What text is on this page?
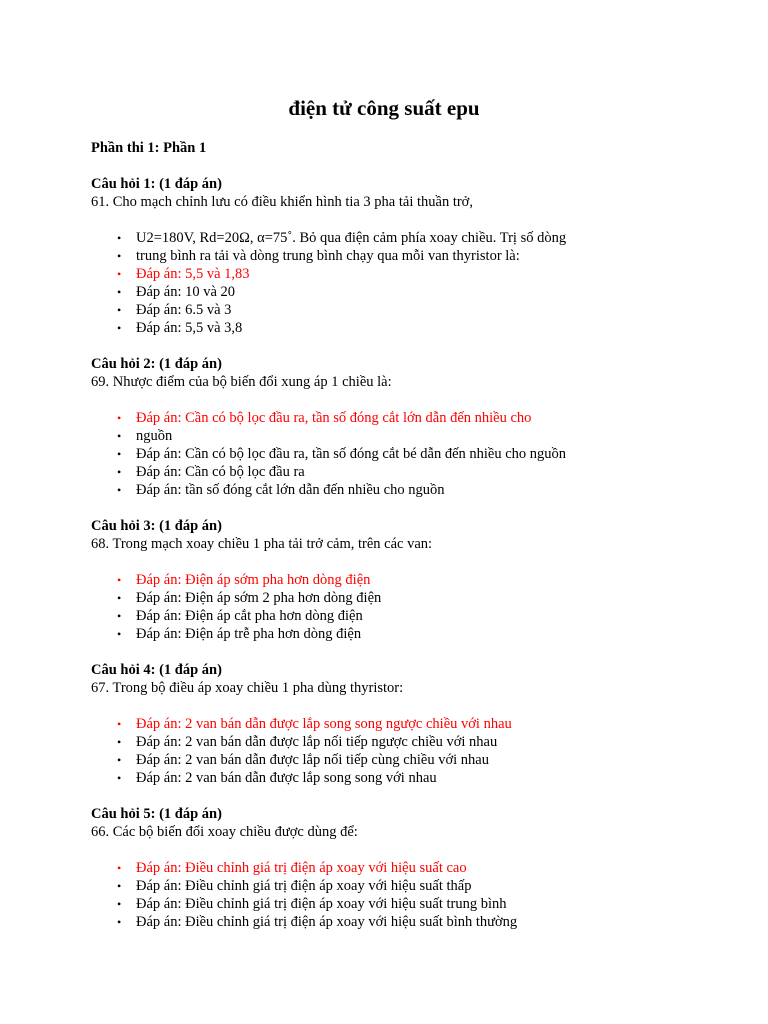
điện tử công suất epu
Phần thi 1: Phần 1
Câu hỏi 1: (1 đáp án)
61. Cho mạch chỉnh lưu có điều khiển hình tia 3 pha tải thuần trở,
• U2=180V, Rd=20Ω, α=75˚. Bỏ qua điện cảm phía xoay chiều. Trị số dòng
• trung bình ra tải và dòng trung bình chạy qua mỗi van thyristor là:
• Đáp án: 5,5 và 1,83
• Đáp án: 10 và 20
• Đáp án: 6.5 và 3
• Đáp án: 5,5 và 3,8
Câu hỏi 2: (1 đáp án)
69. Nhược điểm của bộ biến đổi xung áp 1 chiều là:
• Đáp án: Cần có bộ lọc đầu ra, tần số đóng cắt lớn dẫn đến nhiều cho
• nguồn
• Đáp án: Cần có bộ lọc đầu ra, tần số đóng cắt bé dẫn đến nhiều cho nguồn
• Đáp án: Cần có bộ lọc đầu ra
• Đáp án: tần số đóng cắt lớn dẫn đến nhiều cho nguồn
Câu hỏi 3: (1 đáp án)
68. Trong mạch xoay chiều 1 pha tải trở cảm, trên các van:
• Đáp án: Điện áp sớm pha hơn dòng điện
• Đáp án: Điện áp sớm 2 pha hơn dòng điện
• Đáp án: Điện áp cắt pha hơn dòng điện
• Đáp án: Điện áp trễ pha hơn dòng điện
Câu hỏi 4: (1 đáp án)
67. Trong bộ điều áp xoay chiều 1 pha dùng thyristor:
• Đáp án: 2 van bán dẫn được lắp song song ngược chiều với nhau
• Đáp án: 2 van bán dẫn được lắp nối tiếp ngược chiều với nhau
• Đáp án: 2 van bán dẫn được lắp nối tiếp cùng chiều với nhau
• Đáp án: 2 van bán dẫn được lắp song song với nhau
Câu hỏi 5: (1 đáp án)
66. Các bộ biến đổi xoay chiều được dùng để:
• Đáp án: Điều chỉnh giá trị điện áp xoay với hiệu suất cao
• Đáp án: Điều chỉnh giá trị điện áp xoay với hiệu suất thấp
• Đáp án: Điều chỉnh giá trị điện áp xoay với hiệu suất trung bình
• Đáp án: Điều chỉnh giá trị điện áp xoay với hiệu suất bình thường
